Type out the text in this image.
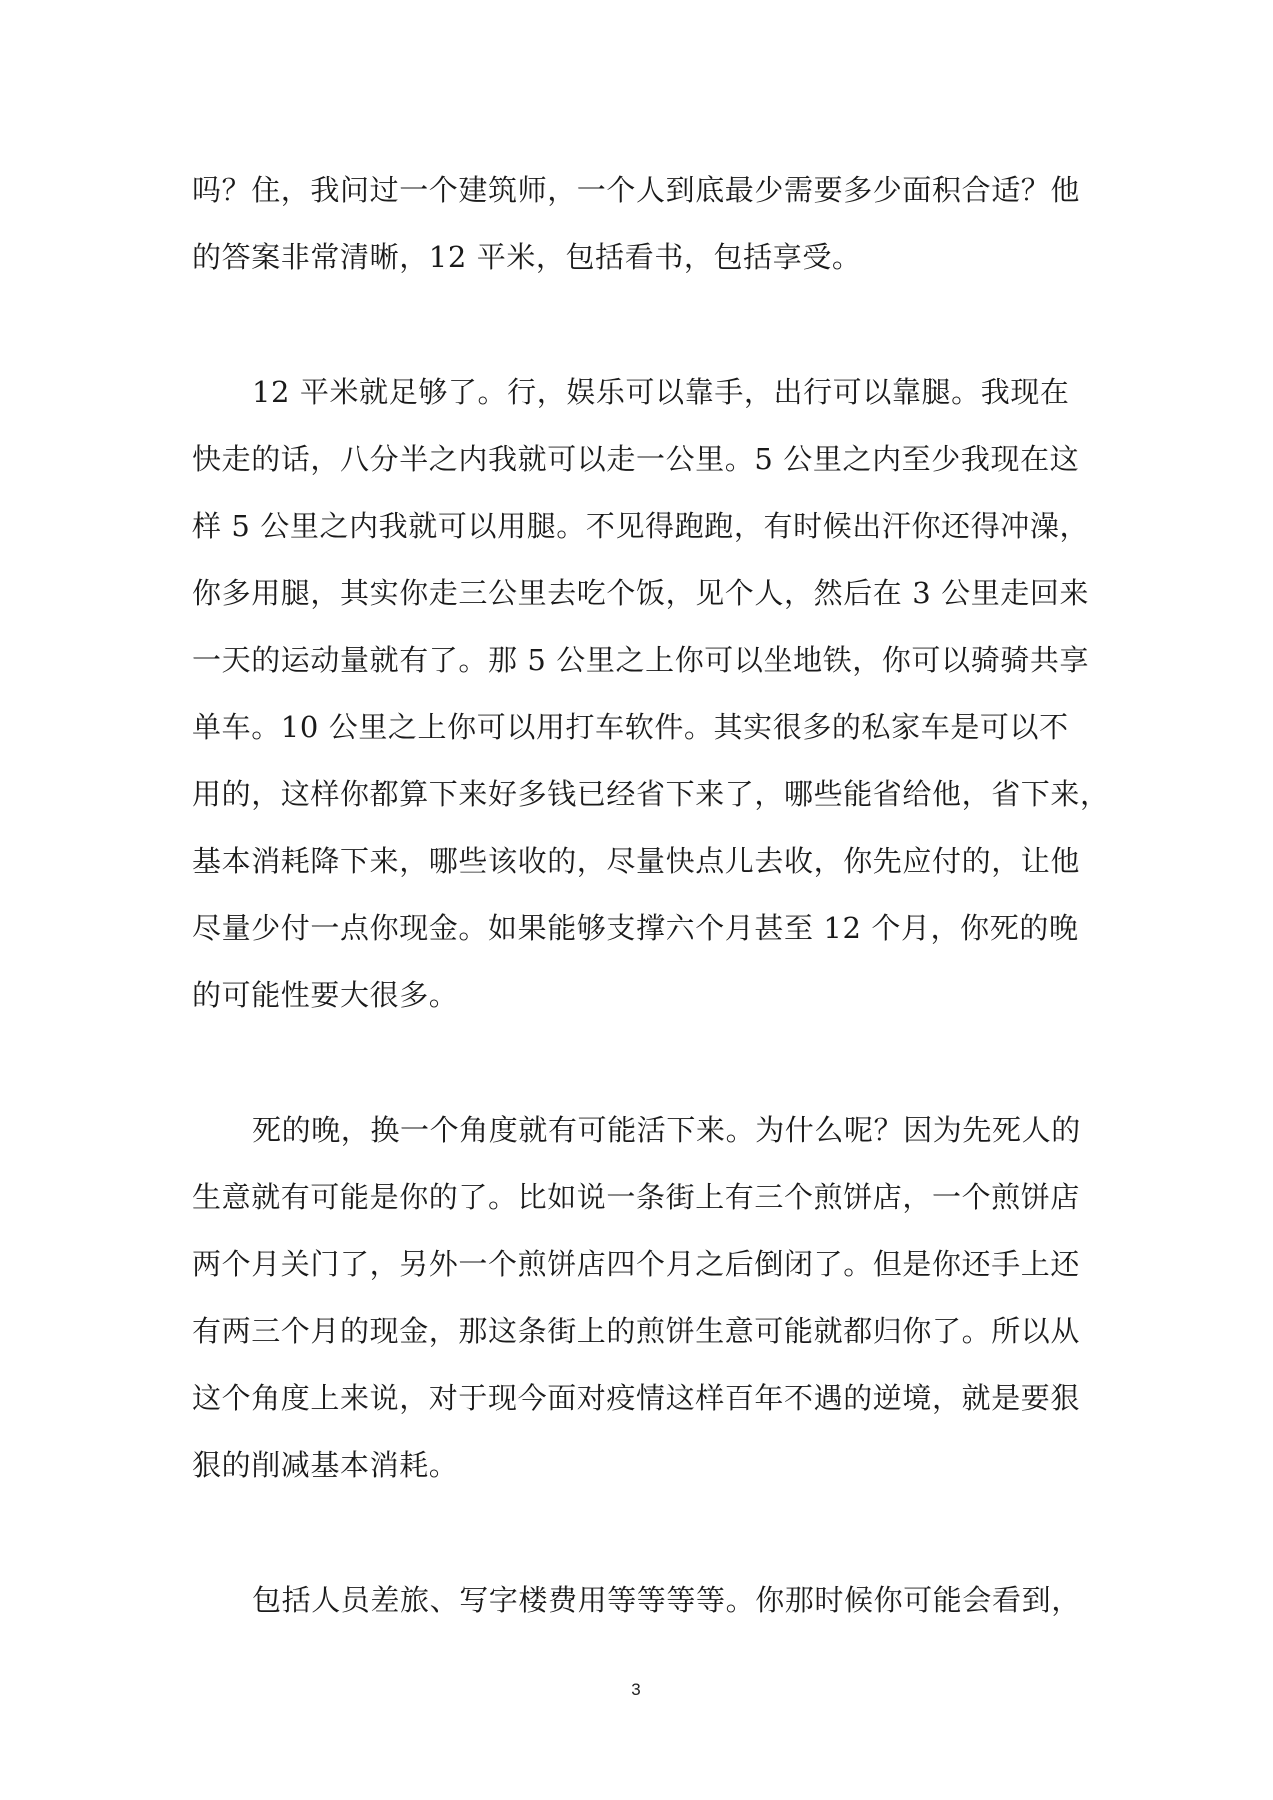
吗？住，我问过一个建筑师，一个人到底最少需要多少面积合适？他
的答案非常清晰，12 平米，包括看书，包括享受。
12 平米就足够了。行，娱乐可以靠手，出行可以靠腿。我现在
快走的话，八分半之内我就可以走一公里。5 公里之内至少我现在这
样 5 公里之内我就可以用腿。不见得跑跑，有时候出汗你还得冲澡，
你多用腿，其实你走三公里去吃个饭，见个人，然后在 3 公里走回来
一天的运动量就有了。那 5 公里之上你可以坐地铁，你可以骑骑共享
单车。10 公里之上你可以用打车软件。其实很多的私家车是可以不
用的，这样你都算下来好多钱已经省下来了，哪些能省给他，省下来，
基本消耗降下来，哪些该收的，尽量快点儿去收，你先应付的，让他
尽量少付一点你现金。如果能够支撑六个月甚至 12 个月，你死的晚
的可能性要大很多。
死的晚，换一个角度就有可能活下来。为什么呢？因为先死人的
生意就有可能是你的了。比如说一条街上有三个煎饼店，一个煎饼店
两个月关门了，另外一个煎饼店四个月之后倒闭了。但是你还手上还
有两三个月的现金，那这条街上的煎饼生意可能就都归你了。所以从
这个角度上来说，对于现今面对疫情这样百年不遇的逆境，就是要狠
狠的削减基本消耗。
包括人员差旅、写字楼费用等等等等。你那时候你可能会看到，
3
